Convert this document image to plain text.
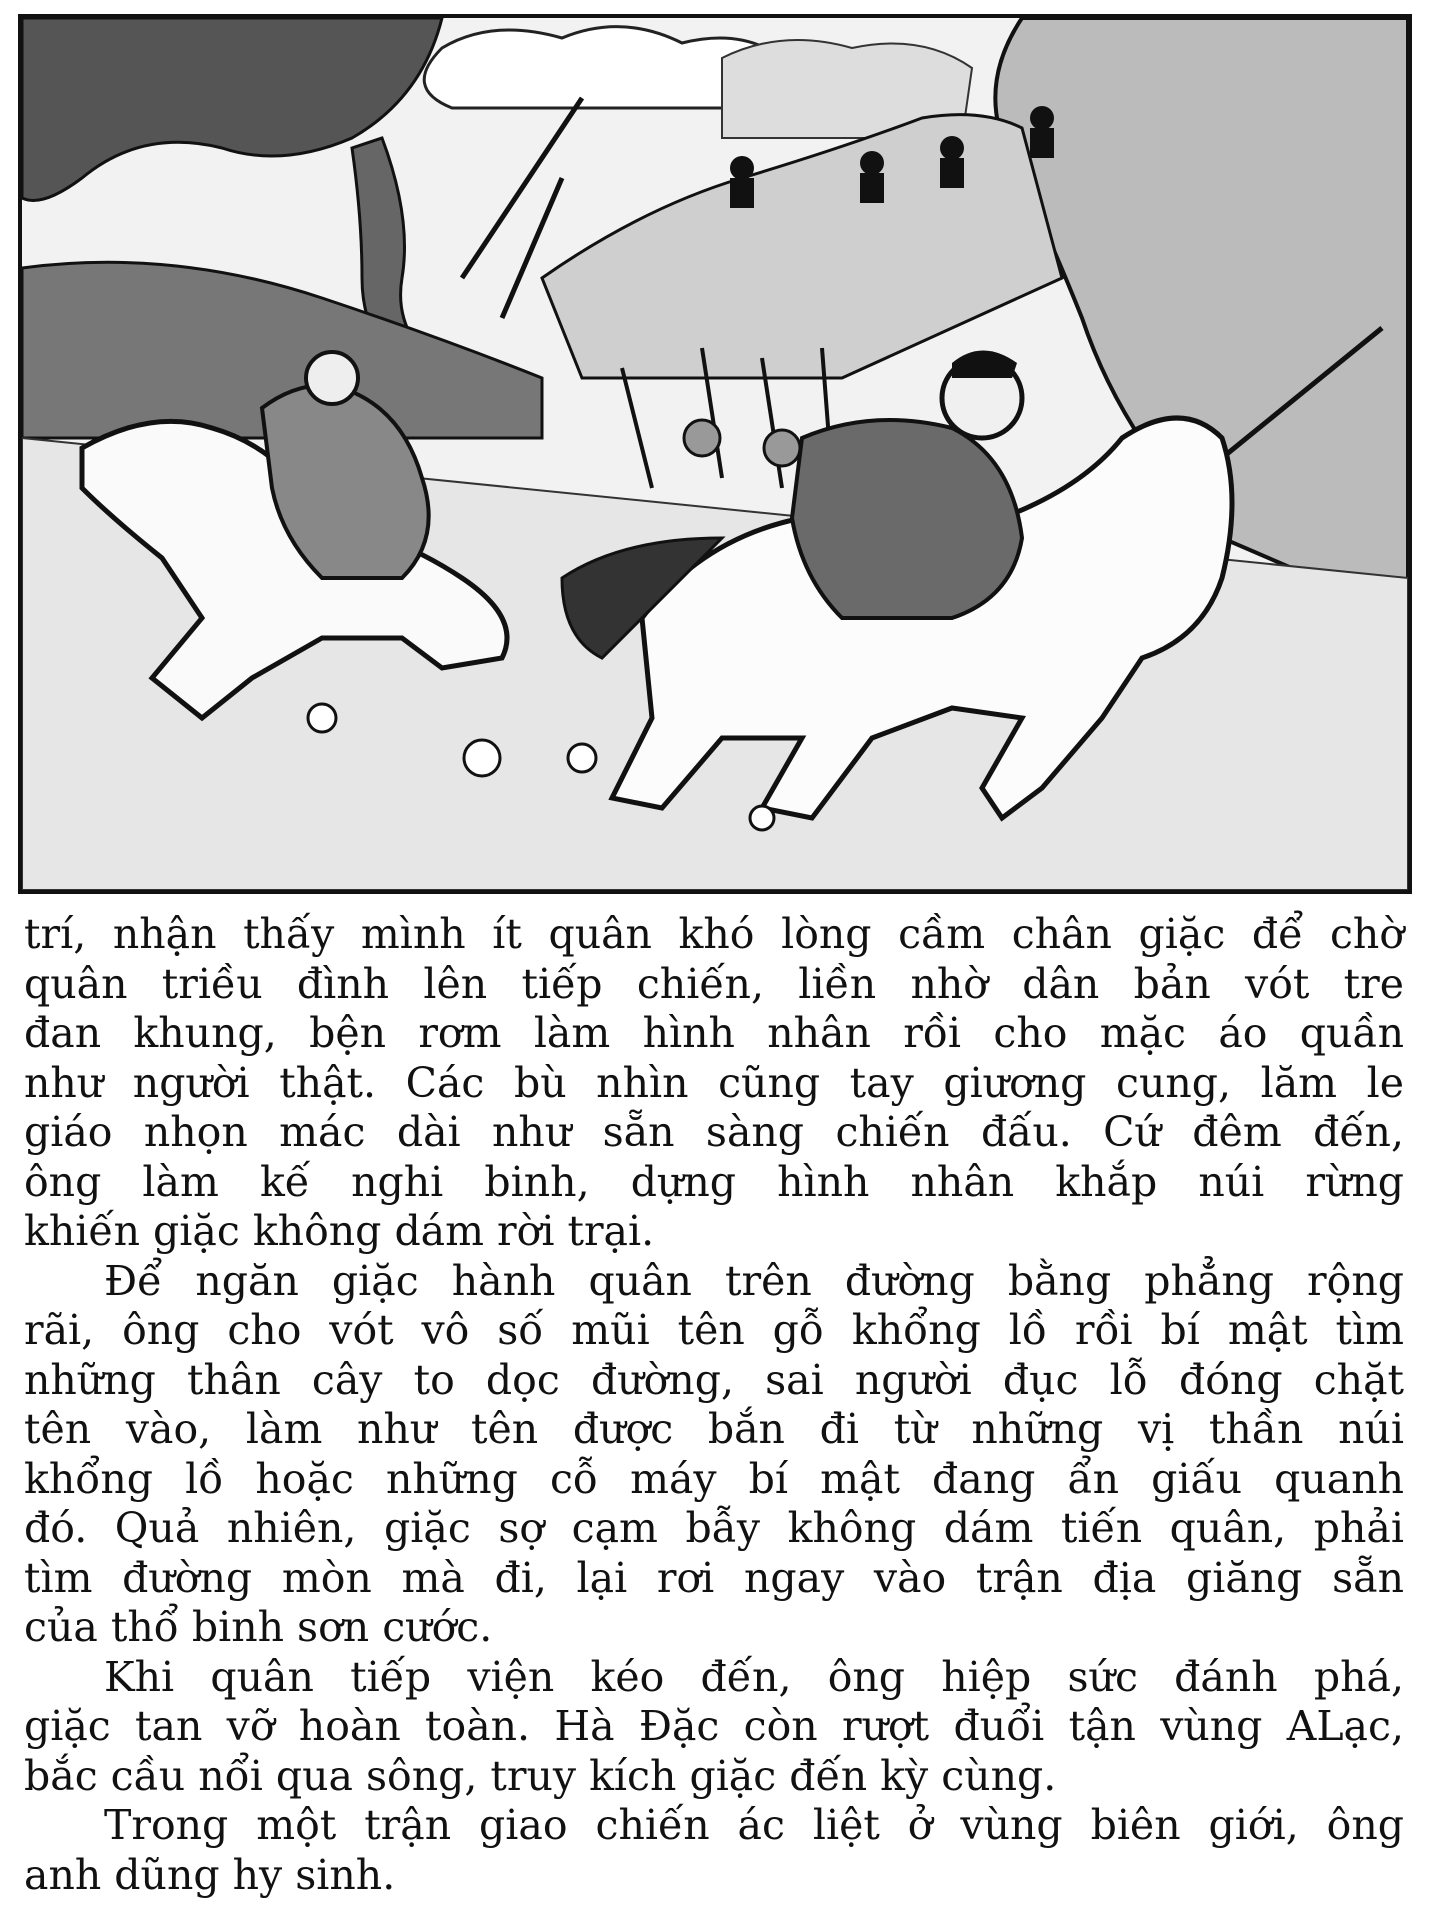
trí, nhận thấy mình ít quân khó lòng cầm chân giặc để chờ
quân triều đình lên tiếp chiến, liền nhờ dân bản vót tre
đan khung, bện rơm làm hình nhân rồi cho mặc áo quần
như người thật. Các bù nhìn cũng tay giương cung, lăm le
giáo nhọn mác dài như sẵn sàng chiến đấu. Cứ đêm đến,
ông làm kế nghi binh, dựng hình nhân khắp núi rừng
khiến giặc không dám rời trại.
Để ngăn giặc hành quân trên đường bằng phẳng rộng
rãi, ông cho vót vô số mũi tên gỗ khổng lồ rồi bí mật tìm
những thân cây to dọc đường, sai người đục lỗ đóng chặt
tên vào, làm như tên được bắn đi từ những vị thần núi
khổng lồ hoặc những cỗ máy bí mật đang ẩn giấu quanh
đó. Quả nhiên, giặc sợ cạm bẫy không dám tiến quân, phải
tìm đường mòn mà đi, lại rơi ngay vào trận địa giăng sẵn
của thổ binh sơn cước.
Khi quân tiếp viện kéo đến, ông hiệp sức đánh phá,
giặc tan vỡ hoàn toàn. Hà Đặc còn rượt đuổi tận vùng ALạc,
bắc cầu nổi qua sông, truy kích giặc đến kỳ cùng.
Trong một trận giao chiến ác liệt ở vùng biên giới, ông
anh dũng hy sinh.
